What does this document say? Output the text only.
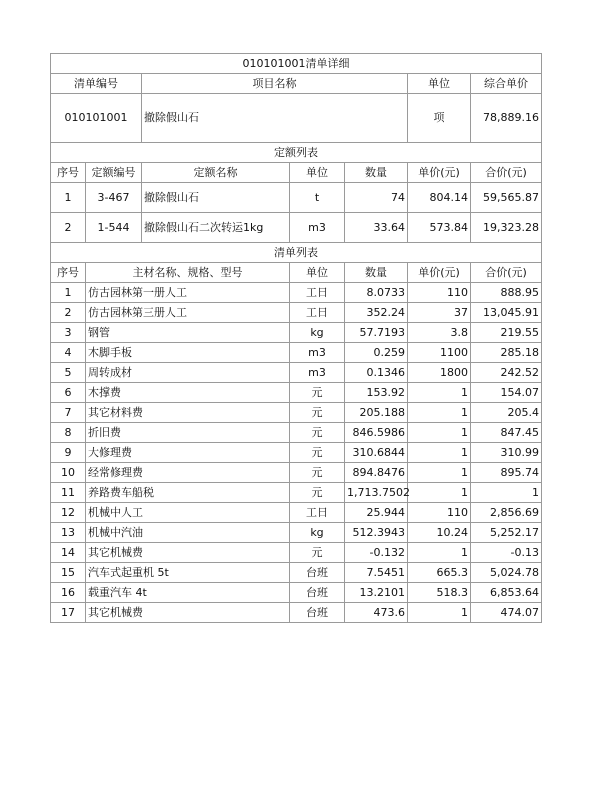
010101001清单详细						
清单编号		项目名称			单位	综合单价
010101001		撤除假山石			项	78,889.16
定额列表						
序号	定额编号	定额名称	单位	数量	单价(元)	合价(元)
1	3-467	撤除假山石	t	74	804.14	59,565.87
2	1-544	撤除假山石二次转运1kg	m3	33.64	573.84	19,323.28
清单列表						
序号	主材名称、规格、型号		单位	数量	单价(元)	合价(元)
1	仿古园林第一册人工		工日	8.0733	110	888.95
2	仿古园林第三册人工		工日	352.24	37	13,045.91
3	钢管		kg	57.7193	3.8	219.55
4	木脚手板		m3	0.259	1100	285.18
5	周转成材		m3	0.1346	1800	242.52
6	木撑费		元	153.92	1	154.07
7	其它材料费		元	205.188	1	205.4
8	折旧费		元	846.5986	1	847.45
9	大修理费		元	310.6844	1	310.99
10	经常修理费		元	894.8476	1	895.74
11	养路费车船税		元	1,713.7502	1	1
12	机械中人工		工日	25.944	110	2,856.69
13	机械中汽油		kg	512.3943	10.24	5,252.17
14	其它机械费		元	-0.132	1	-0.13
15	汽车式起重机 5t		台班	7.5451	665.3	5,024.78
16	载重汽车 4t		台班	13.2101	518.3	6,853.64
17	其它机械费		台班	473.6	1	474.07
